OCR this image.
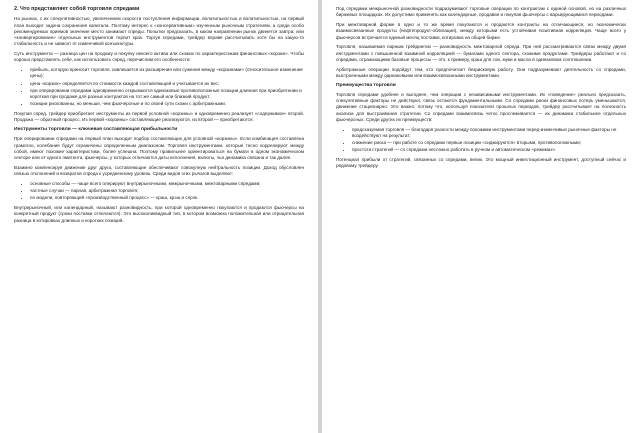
2. Что представляет собой торговля спредами

На рынках, с их спекулятивностью, увеличением скорости поступления информации, волатильностью и волатильностью, на первый план выходит задача сохранения капитала. Поэтому интерес к «консервативным» изученным рыночным стратегиям, а среди особо рекомендуемых приемов значение место занимают спреды. Попытки предсказать, в каком направлении рынок двинется завтра, или «конвергирование» отдельных инструментов терпит крах. Торгуя спредами, трейдер вправе рассчитывать хотя бы на какую-то стабильность и не зависит от изменчивой конъюнктуры.

Суть инструмента — разница цен на продажу и покупку некоего актива или схожих по характеристикам финансовых «корзин». Чтобы хорошо представлять себе, как использовать спред, перечислим его особенности:

• прибыль, которую приносит торговля, извлекается из расширения или сужения между «корзинами» (относительное изменение цены);
• цена «корзин» определяется по стоимости каждой составляющей и учитывается их вес;
• при оперировании спредами одновременно открываются одинаковые противоположные позиции длинная при приобретении и короткая при продаже для разных контрактов на тот же самый или близкий продукт;
• позиции рискованны, но меньше, чем фьючерсные и по своей сути схожи с арбитражными.

Покупая спред, трейдер приобретает инструменты из первой условной «корзины» и одновременно реализует «содержимое» второй. Продажа — обратный процесс. Из первой «корзины» составляющие реализуются, из второй — приобретаются.

Инструменты торговли — ключевая составляющая прибыльности

При оперировании спредами на первый план выходит подбор составляющих для условной «корзины». Если комбинация составлена грамотно, колебания будут ограничены определенным диапазоном. Торговля инструментами, которые тесно коррелируют между собой, имеют похожие характеристики, более успешна. Поэтому правильнее ориентироваться на бумаги в одном экономическом секторе или от одного эмитента, фьючерсы, у которых отличаются даты исполнения, валюты, чья динамика связана и так далее.

Взаимно компенсируя движение друг друга, составляющие обеспечивают совокупную нейтральность позиции. Доход обусловлен связью отклонений и возвратов спреда к усредненному уровню. Среди видов этих рычагов выделяют:

• основные способы — чаще всего оперируют внутрирыночными, межрыночными, межтоварными спредами;
• частные случаи — парная, арбитражная торговля;
• по модели, повторяющей «производственный процесс» — краш, крэш и спрэк.

Внутрирыночный, или календарный, называют разновидность, при которой одновременно покупаются и продаются фьючерсы на конкретный продукт (сроки поставки отличаются). Это высоколиквидный тип, в котором возможна положительная или отрицательная разница в котировках длинных и коротких позиций.

Под спредами межрыночной разновидности подразумевают торговые операции по контрактам с единой основой, но на различных биржевых площадках. Их допустимо применять как календарные, продавая и покупая фьючерсы с варьирующимися периодами.

При межтоварной форме в одно и то же время покупаются и продаются контракты на отличающиеся, но экономически взаимосвязанные продукты (нефтепродукт-облигации), между которыми есть устойчивая позитивная корреляция. Чаще всего у фьючерсов встречается единый месяц поставки, котировка на общей бирже.

Торговля, называемая парным трейдингом — разновидность межтоварной спреда. При ней рассматриваются связи между двумя инструментами с повышенной взаимной корреляцией — бумагами одного сектора, схожими продуктами. Трейдеры работают и со спредами, отражающими базовые процессы — это, к примеру, краш для сои, муки и масла в одинаковом соотношении.

Арбитражные операции подойдут тем, кто предпочитает безрисковую работу. Они подразумевают деятельность со спредами, выстроенными между одинаковыми или взаимосвязанными инструментами.

Преимущества торговли

Торговля спредами удобнее и выгоднее, чем операции с независимыми инструментами. Их «поведение» реально предсказать, спекулятивные факторы не действуют, связь остаются фундаментальными. Со спредами риски финансовых потерь уменьшаются, движение стационарно. Это важно, потому что, используя показатели прошлых периодов, трейдер рассчитывает на полезность анализа для выстраивания стратегии. Со спредами взаимосвязь четко прослеживается — их динамика стабильнее отдельных фьючерсных. Среди других их преимуществ:

• предсказуемая торговля — благодаря разности между похожими инструментами перед-изменчивые рыночные факторы не воздействуют на результат;
• снижение риска — при работе со спредами первые позиции «сиджируются» вторыми, противоположными;
• простота стратегий — со спредами несложно работать в ручном и автоматическом «режимах».

Потенциал прибыли от стратегий, связанных со спредами, велик. Это мощный инвестиционный инструмент, доступный сейчас и рядовому трейдеру.
